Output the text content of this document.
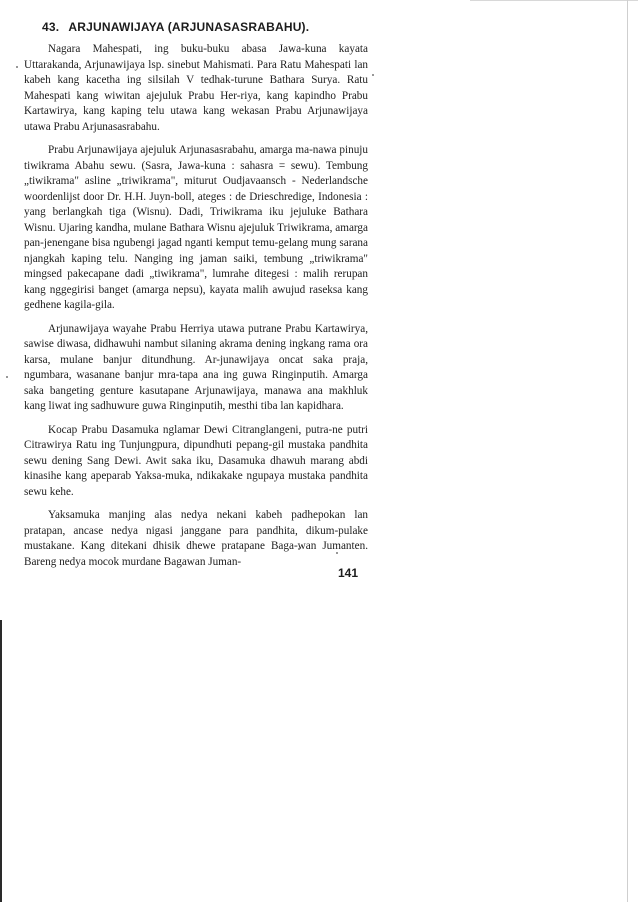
43. ARJUNAWIJAYA (ARJUNASASRABAHU).

Nagara Mahespati, ing buku-buku abasa Jawa-kuna kayata Uttarakanda, Arjunawijaya lsp. sinebut Mahismati. Para Ratu Mahespati lan kabeh kang kacetha ing silsilah V tedhak-turune Bathara Surya. Ratu Mahespati kang wiwitan ajejuluk Prabu Her-riya, kang kapindho Prabu Kartawirya, kang kaping telu utawa kang wekasan Prabu Arjunawijaya utawa Prabu Arjunasasrabahu.

Prabu Arjunawijaya ajejuluk Arjunasasrabahu, amarga ma-nawa pinuju tiwikrama Abahu sewu. (Sasra, Jawa-kuna : sahasra = sewu). Tembung „tiwikrama" asline „triwikrama", miturut Oudjavaansch - Nederlandsche woordenlijst door Dr. H.H. Juyn-boll, ateges : de Drieschredige, Indonesia : yang berlangkah tiga (Wisnu). Dadi, Triwikrama iku jejuluke Bathara Wisnu. Ujaring kandha, mulane Bathara Wisnu ajejuluk Triwikrama, amarga pan-jenengane bisa ngubengi jagad nganti kemput temu-gelang mung sarana njangkah kaping telu. Nanging ing jaman saiki, tembung „triwikrama" mingsed pakecapane dadi „tiwikrama", lumrahe ditegesi : malih rerupan kang nggegirisi banget (amarga nepsu), kayata malih awujud raseksa kang gedhene kagila-gila.

Arjunawijaya wayahe Prabu Herriya utawa putrane Prabu Kartawirya, sawise diwasa, didhawuhi nambut silaning akrama dening ingkang rama ora karsa, mulane banjur ditundhung. Ar-junawijaya oncat saka praja, ngumbara, wasanane banjur mra-tapa ana ing guwa Ringinputih. Amarga saka bangeting genture kasutapane Arjunawijaya, manawa ana makhluk kang liwat ing sadhuwure guwa Ringinputih, mesthi tiba lan kapidhara.

Kocap Prabu Dasamuka nglamar Dewi Citranglangeni, putra-ne putri Citrawirya Ratu ing Tunjungpura, dipundhuti pepang-gil mustaka pandhita sewu dening Sang Dewi. Awit saka iku, Dasamuka dhawuh marang abdi kinasihe kang apeparab Yaksa-muka, ndikakake ngupaya mustaka pandhita sewu kehe.

Yaksamuka manjing alas nedya nekani kabeh padhepokan lan pratapan, ancase nedya nigasi janggane para pandhita, dikum-pulake mustakane. Kang ditekani dhisik dhewe pratapane Baga-wan Jumanten. Bareng nedya mocok murdane Bagawan Juman-

141
